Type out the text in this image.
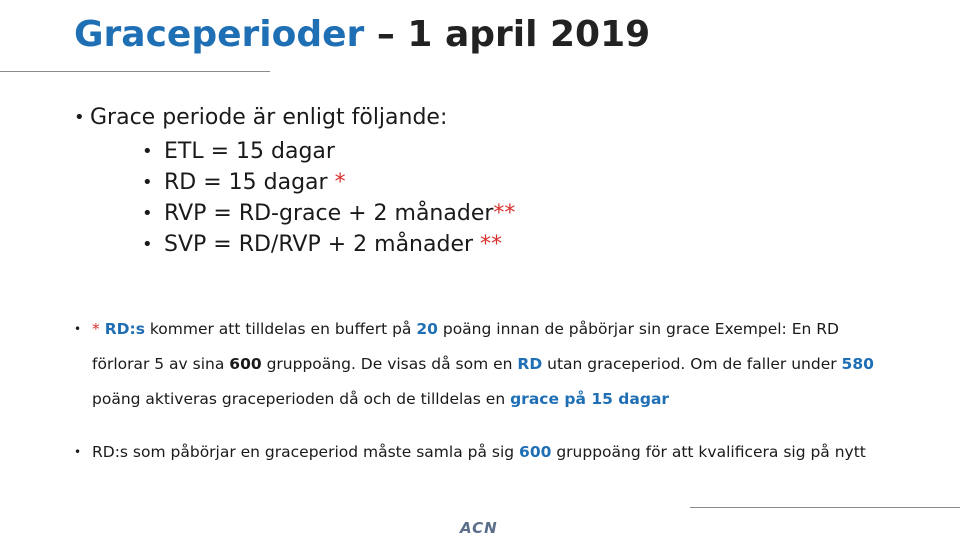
Graceperioder – 1 april 2019
• Grace periode är enligt följande:
• ETL = 15 dagar
• RD = 15 dagar *
• RVP = RD-grace + 2 månader**
• SVP = RD/RVP + 2 månader **
• * RD:s kommer att tilldelas en buffert på 20 poäng innan de påbörjar sin grace Exempel: En RD förlorar 5 av sina 600 gruppoäng. De visas då som en RD utan graceperiod. Om de faller under 580 poäng aktiveras graceperioden då och de tilldelas en grace på 15 dagar
• RD:s som påbörjar en graceperiod måste samla på sig 600 gruppoäng för att kvalificera sig på nytt
ACN
